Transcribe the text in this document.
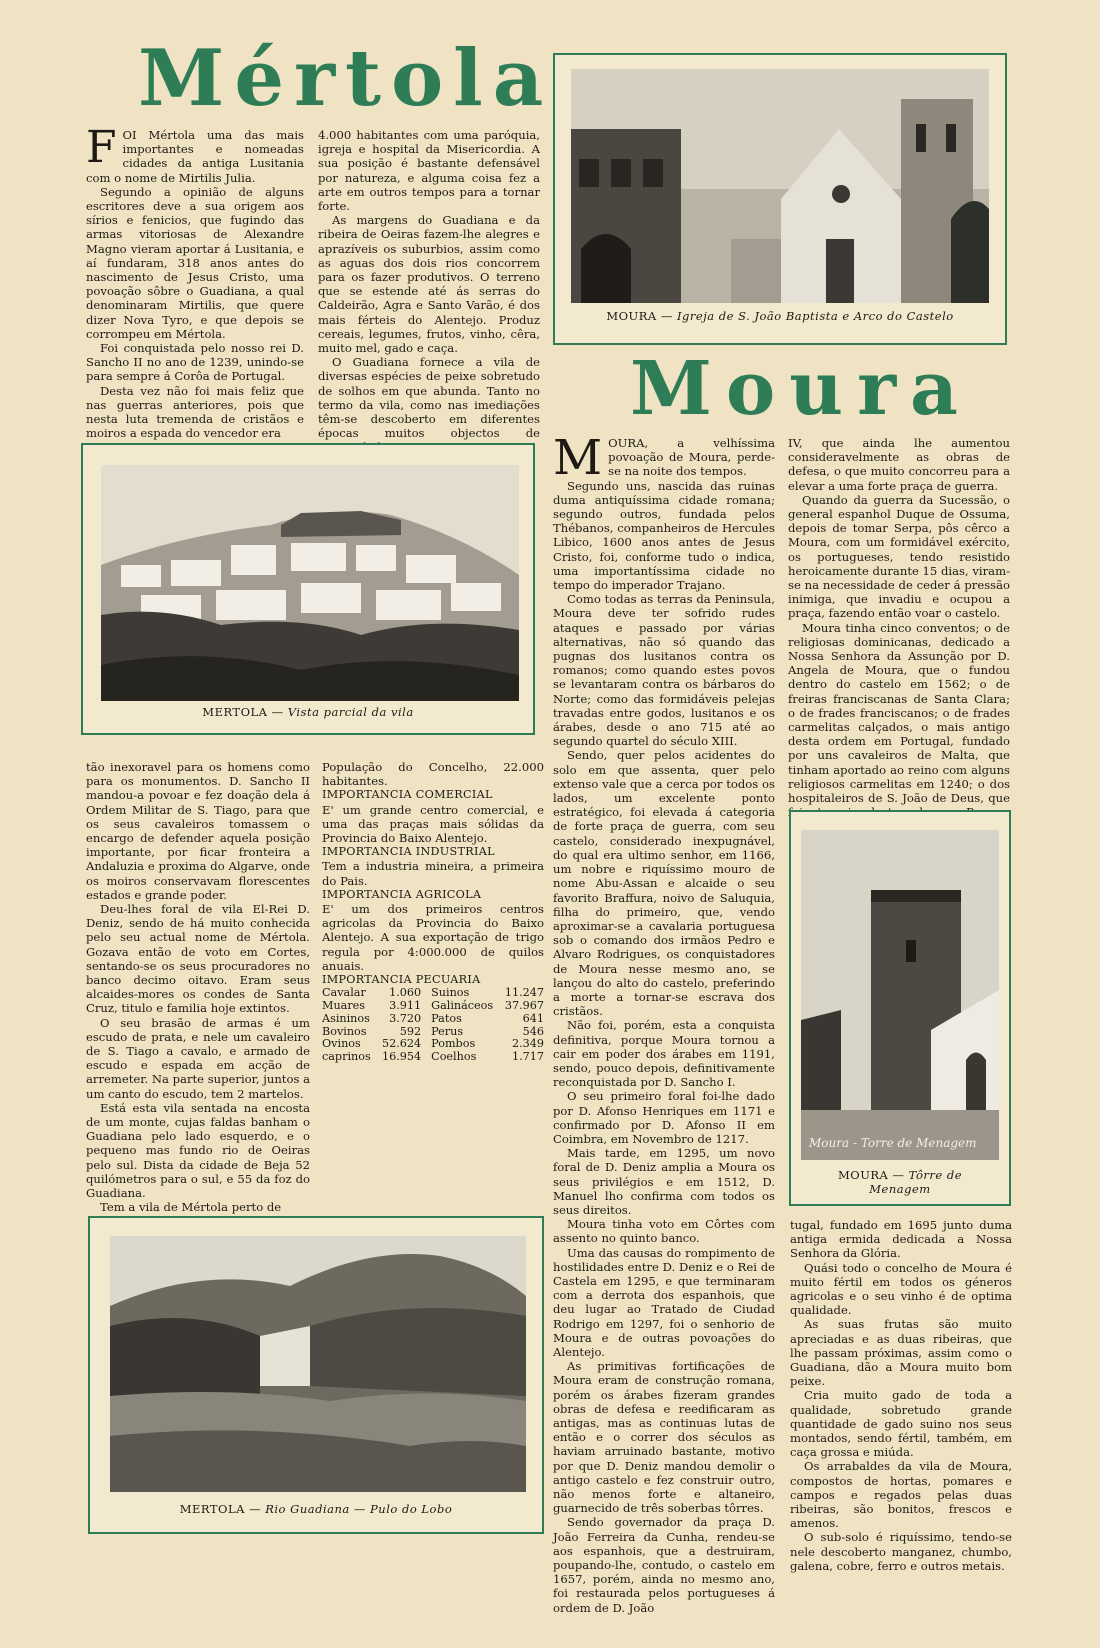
Mértola
F OI Mértola uma das mais importantes e nomeadas cidades da antiga Lusitania com o nome de Mirtilis Julia.

Segundo a opinião de alguns escritores deve a sua origem aos sírios e fenicios, que fugindo das armas vitoriosas de Alexandre Magno vieram aportar á Lusitania, e aí fundaram, 318 anos antes do nascimento de Jesus Cristo, uma povoação sôbre o Guadiana, a qual denominaram Mirtilis, que quere dizer Nova Tyro, e que depois se corrompeu em Mértola.

Foi conquistada pelo nosso rei D. Sancho II no ano de 1239, unindo-se para sempre á Corôa de Portugal.

Desta vez não foi mais feliz que nas guerras anteriores, pois que nesta luta tremenda de cristãos e moiros a espada do vencedor era

4.000 habitantes com uma paróquia, igreja e hospital da Misericordia. A sua posição é bastante defensável por natureza, e alguma coisa fez a arte em outros tempos para a tornar forte.

As margens do Guadiana e da ribeira de Oeiras fazem-lhe alegres e aprazíveis os suburbios, assim como as aguas dos dois rios concorrem para os fazer produtivos. O terreno que se estende até ás serras do Caldeirão, Agra e Santo Varão, é dos mais férteis do Alentejo. Produz cereais, legumes, frutos, vinho, cêra, muito mel, gado e caça.

O Guadiana fornece a vila de diversas espécies de peixe sobretudo de solhos em que abunda. Tanto no termo da vila, como nas imediações têm-se descoberto em diferentes épocas muitos objectos de

MOURA — Igreja de S. João Baptista e Arco do Castelo
Moura
MERTOLA — Vista parcial da vila
M OURA, a velhíssima povoação de Moura, perde-se na noite dos tempos.

Segundo uns, nascida das ruinas duma antiquíssima cidade romana; segundo outros, fundada pelos Thébanos, companheiros de Hercules Libico, 1600 anos antes de Jesus Cristo, foi, conforme tudo o indica, uma importantíssima cidade no tempo do imperador Trajano.

Como todas as terras da Peninsula, Moura deve ter sofrido rudes ataques e passado por várias alternativas, não só quando das pugnas dos lusitanos contra os romanos; como quando estes povos se levantaram contra os bárbaros do Norte; como das formidáveis pelejas travadas entre godos, lusitanos e os árabes, desde o ano 715 até ao segundo quartel do século XIII.

Sendo, quer pelos acidentes do solo em que assenta, quer pelo extenso vale que a cerca por todos os lados, um excelente ponto estratégico, foi elevada á categoria de forte praça de guerra, com seu castelo, considerado inexpugnável, do qual era ultimo senhor, em 1166, um nobre e riquíssimo mouro de nome Abu-Assan e alcaide o seu favorito Braffura, noivo de Saluquia, filha do primeiro, que, vendo aproximar-se a cavalaria portuguesa sob o comando dos irmãos Pedro e Alvaro Rodrigues, os conquistadores de Moura nesse mesmo ano, se lançou do alto do castelo, preferindo a morte a tornar-se escrava dos cristãos.

Não foi, porém, esta a conquista definitiva, porque Moura tornou a cair em poder dos árabes em 1191, sendo, pouco depois, definitivamente reconquistada por D. Sancho I.

O seu primeiro foral foi-lhe dado por D. Afonso Henriques em 1171 e confirmado por D. Afonso II em Coimbra, em Novembro de 1217.

Mais tarde, em 1295, um novo foral de D. Deniz amplia a Moura os seus privilégios e em 1512, D. Manuel lho confirma com todos os seus direitos.

Moura tinha voto em Côrtes com assento no quinto banco.

Uma das causas do rompimento de hostilidades entre D. Deniz e o Rei de Castela em 1295, e que terminaram com a derrota dos espanhois, que deu lugar ao Tratado de Ciudad Rodrigo em 1297, foi o senhorio de Moura e de outras povoações do Alentejo.

As primitivas fortificações de Moura eram de construção romana, porém os árabes fizeram grandes obras de defesa e reedificaram as antigas, mas as continuas lutas de então e o correr dos séculos as haviam arruinado bastante, motivo por que D. Deniz mandou demolir o antigo castelo e fez construir outro, não menos forte e altaneiro, guarnecido de três soberbas tôrres.

Sendo governador da praça D. João Ferreira da Cunha, rendeu-se aos espanhois, que a destruiram, poupando-lhe, contudo, o castelo em 1657, porém, ainda no mesmo ano, foi restaurada pelos portugueses á ordem de D. João

IV, que ainda lhe aumentou consideravelmente as obras de defesa, o que muito concorreu para a elevar a uma forte praça de guerra.

Quando da guerra da Sucessão, o general espanhol Duque de Ossuma, depois de tomar Serpa, pôs cêrco a Moura, com um formidável exército, os portugueses, tendo resistido heroicamente durante 15 dias, viram-se na necessidade de ceder á pressão inimiga, que invadiu e ocupou a praça, fazendo então voar o castelo.

Moura tinha cinco conventos; o de religiosas dominicanas, dedicado a Nossa Senhora da Assunção por D. Angela de Moura, que o fundou dentro do castelo em 1562; o de freiras franciscanas de Santa Clara; o de frades franciscanos; o de frades carmelitas calçados, o mais antigo desta ordem em Portugal, fundado por uns cavaleiros de Malta, que tinham aportado ao reino com alguns religiosos carmelitas em 1240; o dos hospitaleiros de S. João de Deus, que

tão inexoravel para os homens como para os monumentos. D. Sancho II mandou-a povoar e fez doação dela á Ordem Militar de S. Tiago, para que os seus cavaleiros tomassem o encargo de defender aquela posição importante, por ficar fronteira a Andaluzia e proxima do Algarve, onde os moiros conservavam florescentes estados e grande poder.

Deu-lhes foral de vila El-Rei D. Deniz, sendo de há muito conhecida pelo seu actual nome de Mértola. Gozava então de voto em Cortes, sentando-se os seus procuradores no banco decimo oitavo. Eram seus alcaides-mores os condes de Santa Cruz, titulo e familia hoje extintos.

O seu brasão de armas é um escudo de prata, e nele um cavaleiro de S. Tiago a cavalo, e armado de escudo e espada em acção de arremeter. Na parte superior, juntos a um canto do escudo, tem 2 martelos.

Está esta vila sentada na encosta de um monte, cujas faldas banham o Guadiana pelo lado esquerdo, e o pequeno mas fundo rio de Oeiras pelo sul. Dista da cidade de Beja 52 quilómetros para o sul, e 55 da foz do Guadiana.

Tem a vila de Mértola perto de

População do Concelho, 22.000 habitantes.

IMPORTANCIA COMERCIAL

E' um grande centro comercial, e uma das praças mais sólidas da Provincia do Baixo Alentejo.

IMPORTANCIA INDUSTRIAL

Tem a industria mineira, a primeira do Pais.

IMPORTANCIA AGRICOLA

E' um dos primeiros centros agricolas da Provincia do Baixo Alentejo. A sua exportação de trigo regula por 4:000.000 de quilos anuais.

IMPORTANCIA PECUARIA

Cavalar	1.060	Suinos	11.247
Muares	3.911	Galináceos	37.967
Asininos	3.720	Patos	641
Bovinos	592	Perus	546
Ovinos	52.624	Pombos	2.349
caprinos	16.954	Coelhos	1.717
Moura - Torre de Menagem
MOURA — Tôrre de Menagem
MERTOLA — Rio Guadiana — Pulo do Lobo

tugal, fundado em 1695 junto duma antiga ermida dedicada a Nossa Senhora da Glória.

Quási todo o concelho de Moura é muito fértil em todos os géneros agricolas e o seu vinho é de optima qualidade.

As suas frutas são muito apreciadas e as duas ribeiras, que lhe passam próximas, assim como o Guadiana, dão a Moura muito bom peixe.

Cria muito gado de toda a qualidade, sobretudo grande quantidade de gado suino nos seus montados, sendo fértil, também, em caça grossa e miúda.

Os arrabaldes da vila de Moura, compostos de hortas, pomares e campos e regados pelas duas ribeiras, são bonitos, frescos e amenos.

O sub-solo é riquíssimo, tendo-se nele descoberto manganez, chumbo, galena, cobre, ferro e outros metais.
